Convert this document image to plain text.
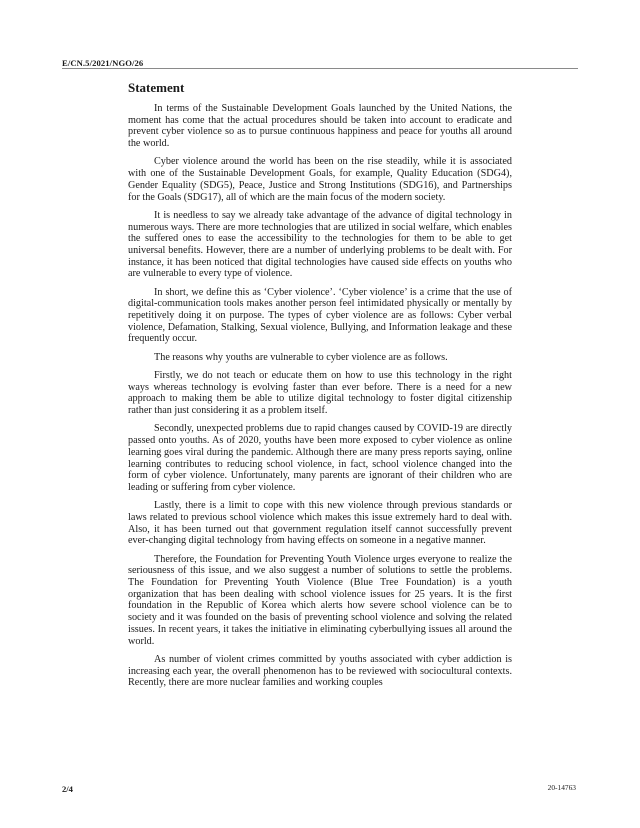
E/CN.5/2021/NGO/26
Statement

In terms of the Sustainable Development Goals launched by the United Nations, the moment has come that the actual procedures should be taken into account to eradicate and prevent cyber violence so as to pursue continuous happiness and peace for youths all around the world.

Cyber violence around the world has been on the rise steadily, while it is associated with one of the Sustainable Development Goals, for example, Quality Education (SDG4), Gender Equality (SDG5), Peace, Justice and Strong Institutions (SDG16), and Partnerships for the Goals (SDG17), all of which are the main focus of the modern society.

It is needless to say we already take advantage of the advance of digital technology in numerous ways. There are more technologies that are utilized in social welfare, which enables the suffered ones to ease the accessibility to the technologies for them to be able to get universal benefits. However, there are a number of underlying problems to be dealt with. For instance, it has been noticed that digital technologies have caused side effects on youths who are vulnerable to every type of violence.

In short, we define this as ‘Cyber violence’. ‘Cyber violence’ is a crime that the use of digital-communication tools makes another person feel intimidated physically or mentally by repetitively doing it on purpose. The types of cyber violence are as follows: Cyber verbal violence, Defamation, Stalking, Sexual violence, Bullying, and Information leakage and these frequently occur.

The reasons why youths are vulnerable to cyber violence are as follows.

Firstly, we do not teach or educate them on how to use this technology in the right ways whereas technology is evolving faster than ever before. There is a need for a new approach to making them be able to utilize digital technology to foster digital citizenship rather than just considering it as a problem itself.

Secondly, unexpected problems due to rapid changes caused by COVID-19 are directly passed onto youths. As of 2020, youths have been more exposed to cyber violence as online learning goes viral during the pandemic. Although there are many press reports saying, online learning contributes to reducing school violence, in fact, school violence changed into the form of cyber violence. Unfortunately, many parents are ignorant of their children who are leading or suffering from cyber violence.

Lastly, there is a limit to cope with this new violence through previous standards or laws related to previous school violence which makes this issue extremely hard to deal with. Also, it has been turned out that government regulation itself cannot successfully prevent ever-changing digital technology from having effects on someone in a negative manner.

Therefore, the Foundation for Preventing Youth Violence urges everyone to realize the seriousness of this issue, and we also suggest a number of solutions to settle the problems. The Foundation for Preventing Youth Violence (Blue Tree Foundation) is a youth organization that has been dealing with school violence issues for 25 years. It is the first foundation in the Republic of Korea which alerts how severe school violence can be to society and it was founded on the basis of preventing school violence and solving the related issues. In recent years, it takes the initiative in eliminating cyberbullying issues all around the world.

As number of violent crimes committed by youths associated with cyber addiction is increasing each year, the overall phenomenon has to be reviewed with sociocultural contexts. Recently, there are more nuclear families and working couples

2/4	20-14763
